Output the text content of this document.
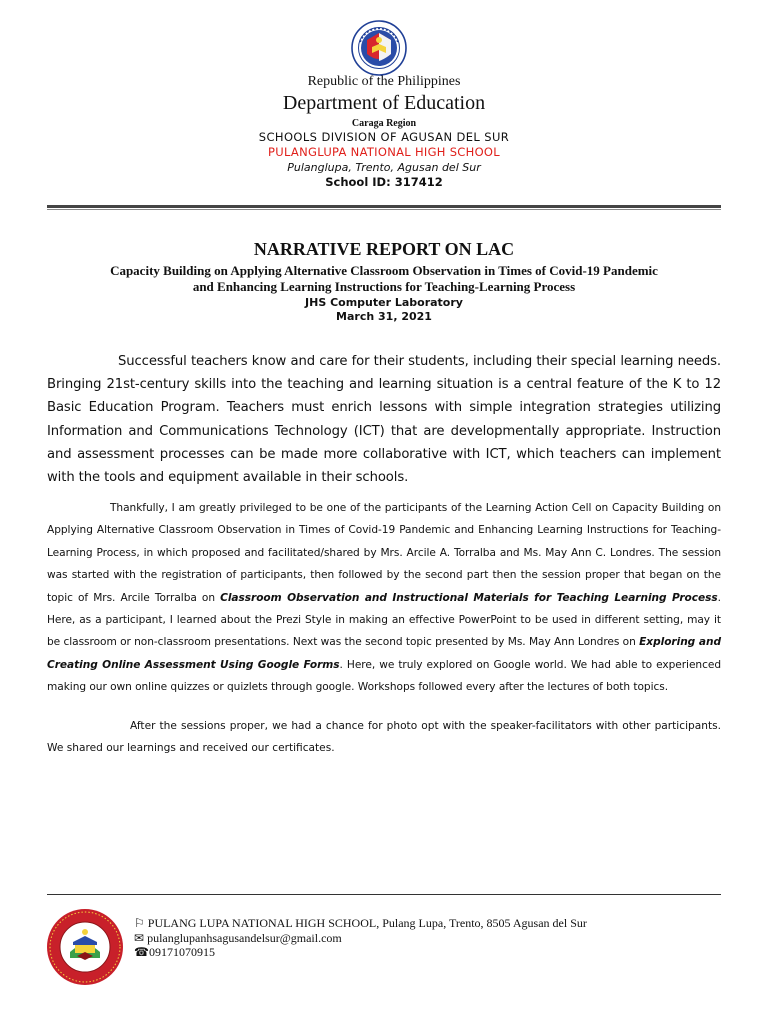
Republic of the Philippines
Department of Education
Caraga Region
SCHOOLS DIVISION OF AGUSAN DEL SUR
PULANGLUPA NATIONAL HIGH SCHOOL
Pulanglupa, Trento, Agusan del Sur
School ID: 317412
NARRATIVE REPORT ON LAC
Capacity Building on Applying Alternative Classroom Observation in Times of Covid-19 Pandemic
and Enhancing Learning Instructions for Teaching-Learning Process
JHS Computer Laboratory
March 31, 2021

Successful teachers know and care for their students, including their special learning needs. Bringing 21st-century skills into the teaching and learning situation is a central feature of the K to 12 Basic Education Program. Teachers must enrich lessons with simple integration strategies utilizing Information and Communications Technology (ICT) that are developmentally appropriate. Instruction and assessment processes can be made more collaborative with ICT, which teachers can implement with the tools and equipment available in their schools.

Thankfully, I am greatly privileged to be one of the participants of the Learning Action Cell on Capacity Building on Applying Alternative Classroom Observation in Times of Covid-19 Pandemic and Enhancing Learning Instructions for Teaching-Learning Process, in which proposed and facilitated/shared by Mrs. Arcile A. Torralba and Ms. May Ann C. Londres. The session was started with the registration of participants, then followed by the second part then the session proper that began on the topic of Mrs. Arcile Torralba on Classroom Observation and Instructional Materials for Teaching Learning Process. Here, as a participant, I learned about the Prezi Style in making an effective PowerPoint to be used in different setting, may it be classroom or non-classroom presentations. Next was the second topic presented by Ms. May Ann Londres on Exploring and Creating Online Assessment Using Google Forms. Here, we truly explored on Google world. We had able to experienced making our own online quizzes or quizlets through google. Workshops followed every after the lectures of both topics.

After the sessions proper, we had a chance for photo opt with the speaker-facilitators with other participants. We shared our learnings and received our certificates.

⚐ PULANG LUPA NATIONAL HIGH SCHOOL, Pulang Lupa, Trento, 8505 Agusan del Sur
✉ pulanglupanhsagusandelsur@gmail.com
☎09171070915
